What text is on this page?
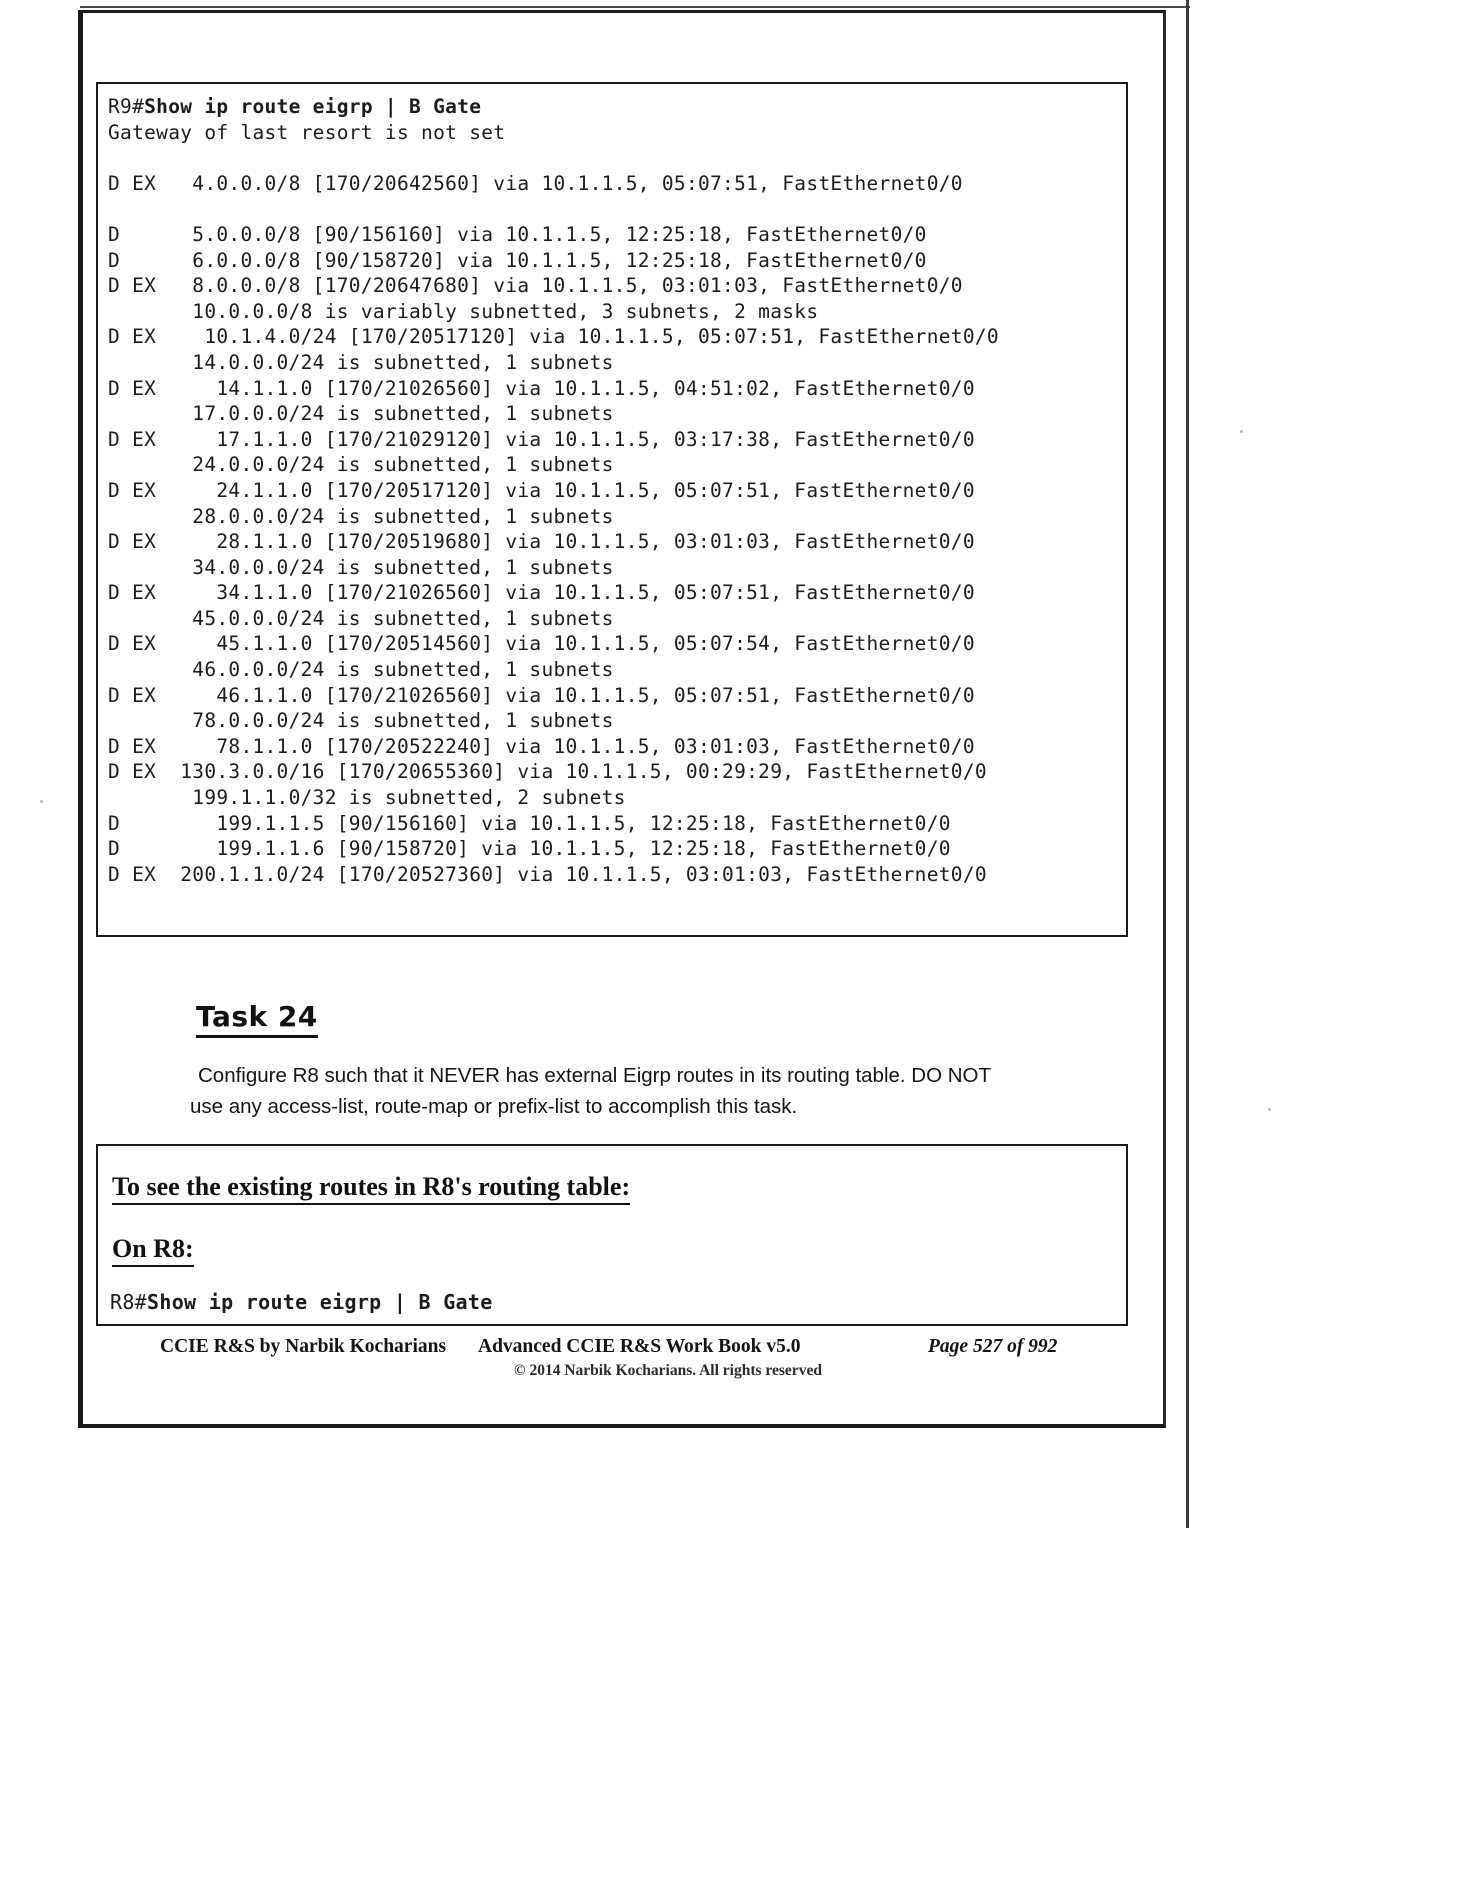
R9#Show ip route eigrp | B Gate
Gateway of last resort is not set
D EX   4.0.0.0/8 [170/20642560] via 10.1.1.5, 05:07:51, FastEthernet0/0
D      5.0.0.0/8 [90/156160] via 10.1.1.5, 12:25:18, FastEthernet0/0
D      6.0.0.0/8 [90/158720] via 10.1.1.5, 12:25:18, FastEthernet0/0
D EX   8.0.0.0/8 [170/20647680] via 10.1.1.5, 03:01:03, FastEthernet0/0
10.0.0.0/8 is variably subnetted, 3 subnets, 2 masks
D EX    10.1.4.0/24 [170/20517120] via 10.1.1.5, 05:07:51, FastEthernet0/0
14.0.0.0/24 is subnetted, 1 subnets
D EX     14.1.1.0 [170/21026560] via 10.1.1.5, 04:51:02, FastEthernet0/0
17.0.0.0/24 is subnetted, 1 subnets
D EX     17.1.1.0 [170/21029120] via 10.1.1.5, 03:17:38, FastEthernet0/0
24.0.0.0/24 is subnetted, 1 subnets
D EX     24.1.1.0 [170/20517120] via 10.1.1.5, 05:07:51, FastEthernet0/0
28.0.0.0/24 is subnetted, 1 subnets
D EX     28.1.1.0 [170/20519680] via 10.1.1.5, 03:01:03, FastEthernet0/0
34.0.0.0/24 is subnetted, 1 subnets
D EX     34.1.1.0 [170/21026560] via 10.1.1.5, 05:07:51, FastEthernet0/0
45.0.0.0/24 is subnetted, 1 subnets
D EX     45.1.1.0 [170/20514560] via 10.1.1.5, 05:07:54, FastEthernet0/0
46.0.0.0/24 is subnetted, 1 subnets
D EX     46.1.1.0 [170/21026560] via 10.1.1.5, 05:07:51, FastEthernet0/0
78.0.0.0/24 is subnetted, 1 subnets
D EX     78.1.1.0 [170/20522240] via 10.1.1.5, 03:01:03, FastEthernet0/0
D EX  130.3.0.0/16 [170/20655360] via 10.1.1.5, 00:29:29, FastEthernet0/0
199.1.1.0/32 is subnetted, 2 subnets
D        199.1.1.5 [90/156160] via 10.1.1.5, 12:25:18, FastEthernet0/0
D        199.1.1.6 [90/158720] via 10.1.1.5, 12:25:18, FastEthernet0/0
D EX  200.1.1.0/24 [170/20527360] via 10.1.1.5, 03:01:03, FastEthernet0/0
Task 24
Configure R8 such that it NEVER has external Eigrp routes in its routing table. DO NOT
use any access-list, route-map or prefix-list to accomplish this task.
To see the existing routes in R8's routing table:
On R8:
R8#Show ip route eigrp | B Gate
CCIE R&S by Narbik Kocharians Advanced CCIE R&S Work Book v5.0
© 2014 Narbik Kocharians. All rights reserved
Page 527 of 992
